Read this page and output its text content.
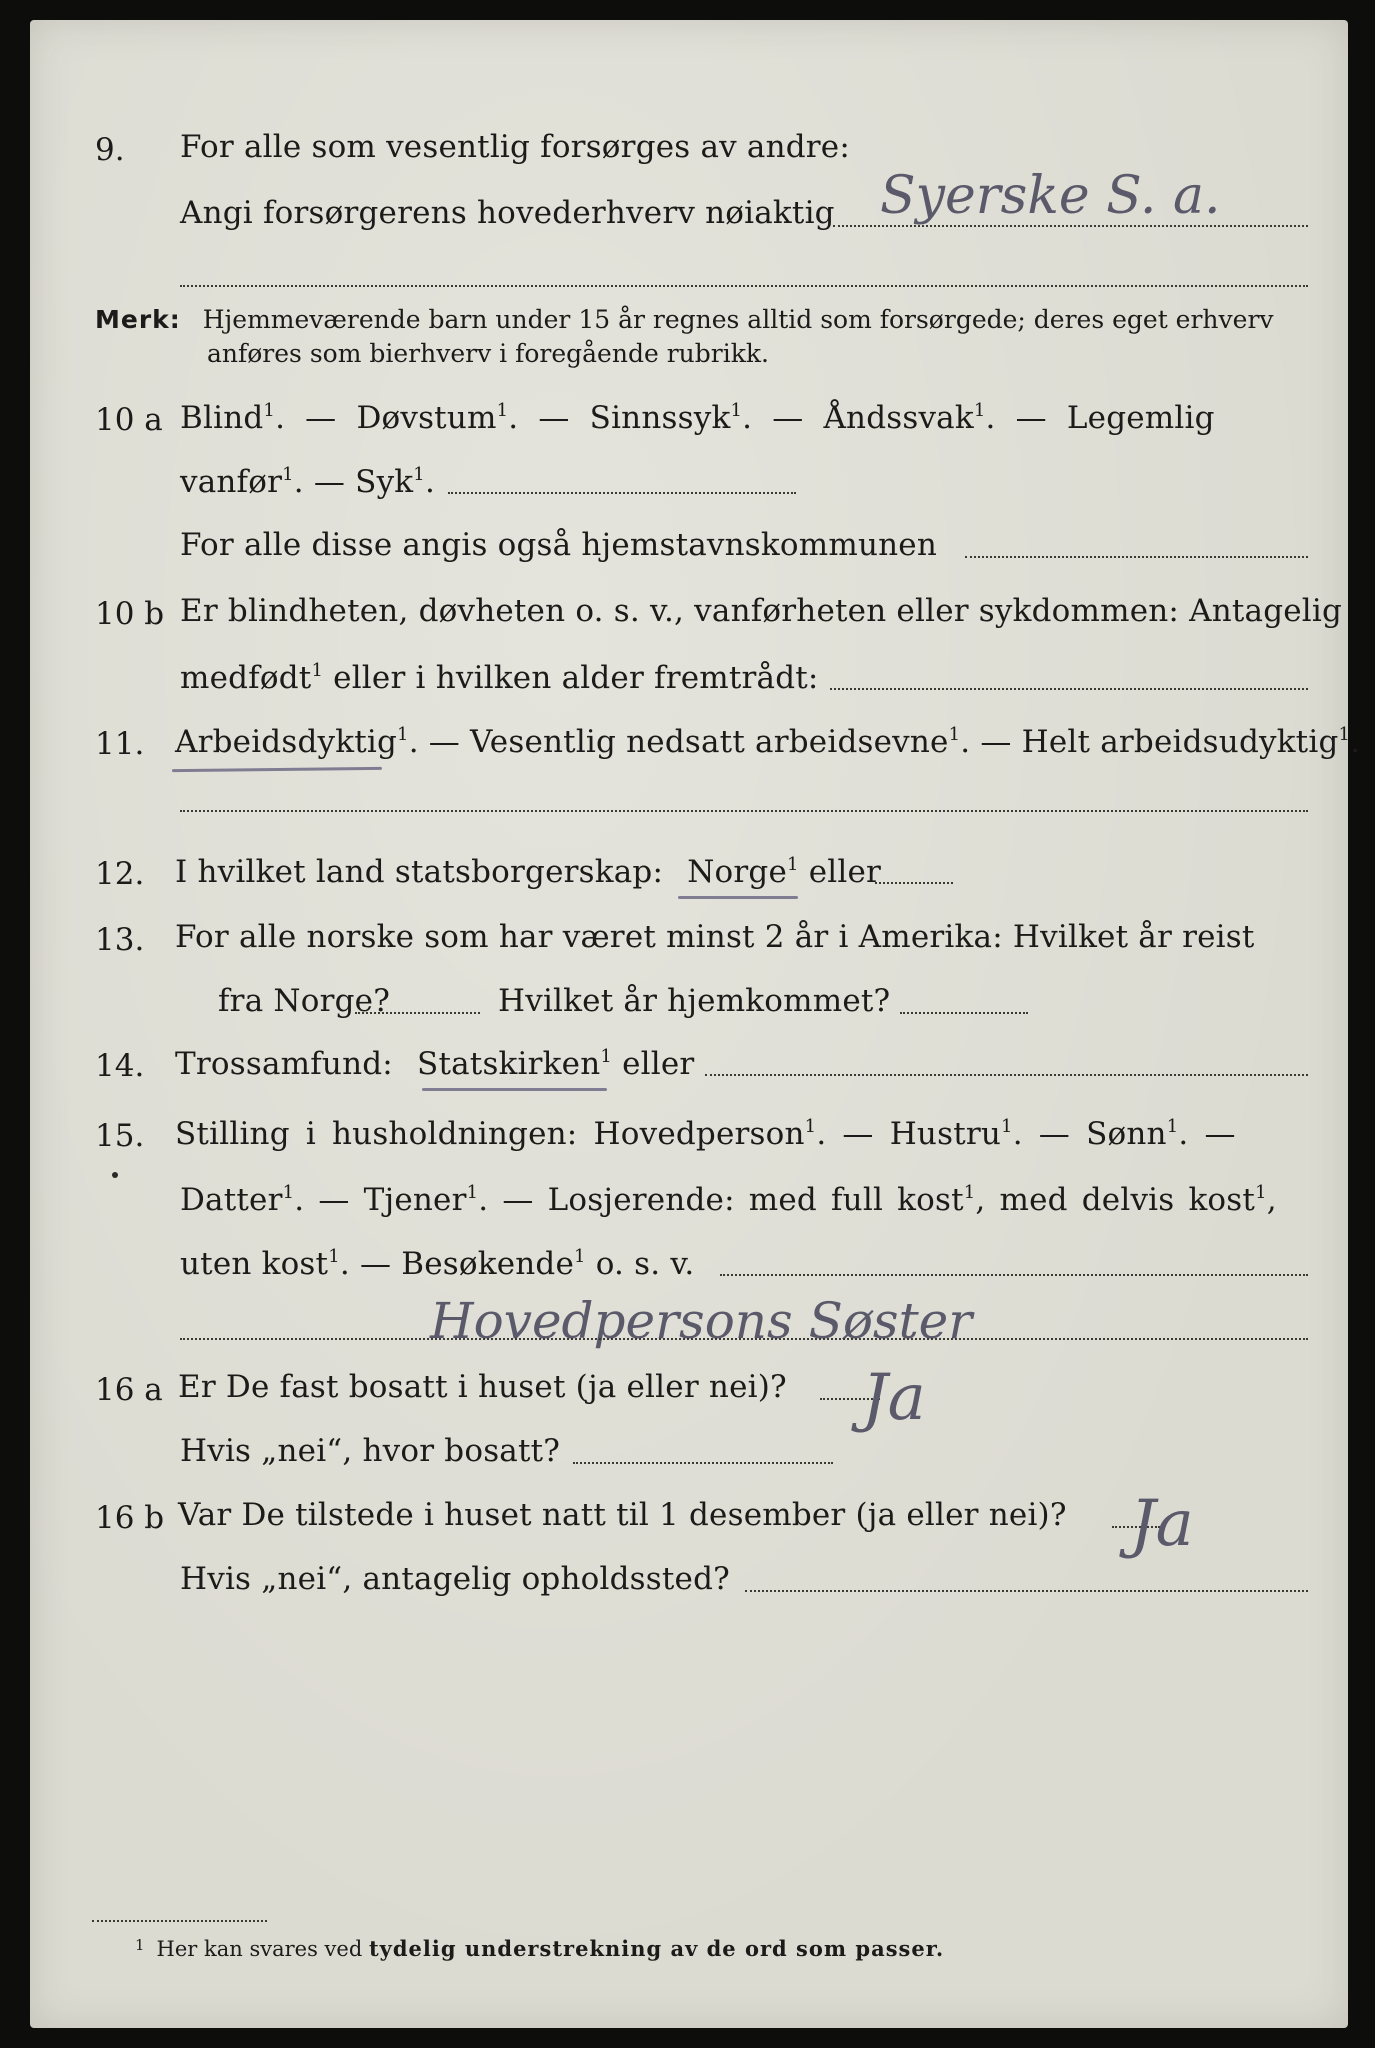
9. For alle som vesentlig forsørges av andre:
Angi forsørgerens hovederhverv nøiaktig Syerske S. a.
Merk: Hjemmeværende barn under 15 år regnes alltid som forsørgede; deres eget erhverv
anføres som bierhverv i foregående rubrikk.
10 a Blind$^1$. — Døvstum$^1$. — Sinnssyk$^1$. — Åndssvak$^1$. — Legemlig
vanfør$^1$. — Syk$^1$.
For alle disse angis også hjemstavnskommunen
10 b Er blindheten, døvheten o. s. v., vanførheten eller sykdommen: Antagelig
medfødt$^1$ eller i hvilken alder fremtrådt:
11. Arbeidsdyktig$^1$. — Vesentlig nedsatt arbeidsevne$^1$. — Helt arbeidsudyktig$^1$.
12. I hvilket land statsborgerskap: Norge$^1$ eller
13. For alle norske som har været minst 2 år i Amerika: Hvilket år reist
fra Norge?	Hvilket år hjemkommet?
14. Trossamfund: Statskirken$^1$ eller
15. Stilling i husholdningen: Hovedperson$^1$. — Hustru$^1$. — Sønn$^1$. —
Datter$^1$. — Tjener$^1$. — Losjerende: med full kost$^1$, med delvis kost$^1$,
uten kost$^1$. — Besøkende$^1$ o. s. v.
Hovedpersons Søster
16 a Er De fast bosatt i huset (ja eller nei)? Ja
Hvis „nei“, hvor bosatt?
16 b Var De tilstede i huset natt til 1 desember (ja eller nei)? Ja
Hvis „nei“, antagelig opholdssted?
$^1$ Her kan svares ved tydelig understrekning av de ord som passer.
